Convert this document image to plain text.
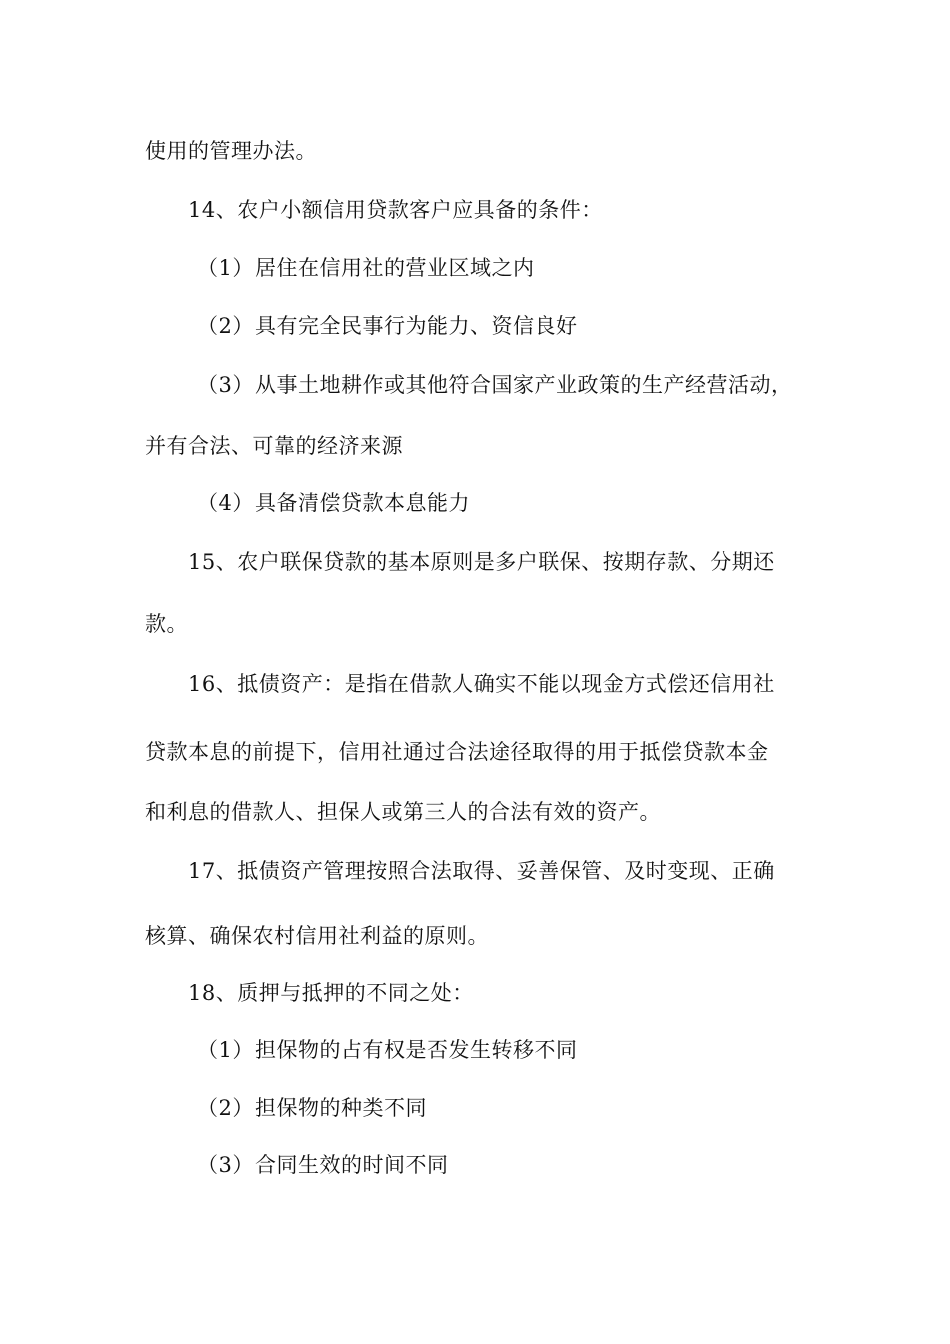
使用的管理办法。
14、农户小额信用贷款客户应具备的条件：
（1）居住在信用社的营业区域之内
（2）具有完全民事行为能力、资信良好
（3）从事土地耕作或其他符合国家产业政策的生产经营活动，
并有合法、可靠的经济来源
（4）具备清偿贷款本息能力
15、农户联保贷款的基本原则是多户联保、按期存款、分期还
款。
16、抵债资产：是指在借款人确实不能以现金方式偿还信用社
贷款本息的前提下，信用社通过合法途径取得的用于抵偿贷款本金
和利息的借款人、担保人或第三人的合法有效的资产。
17、抵债资产管理按照合法取得、妥善保管、及时变现、正确
核算、确保农村信用社利益的原则。
18、质押与抵押的不同之处：
（1）担保物的占有权是否发生转移不同
（2）担保物的种类不同
（3）合同生效的时间不同
